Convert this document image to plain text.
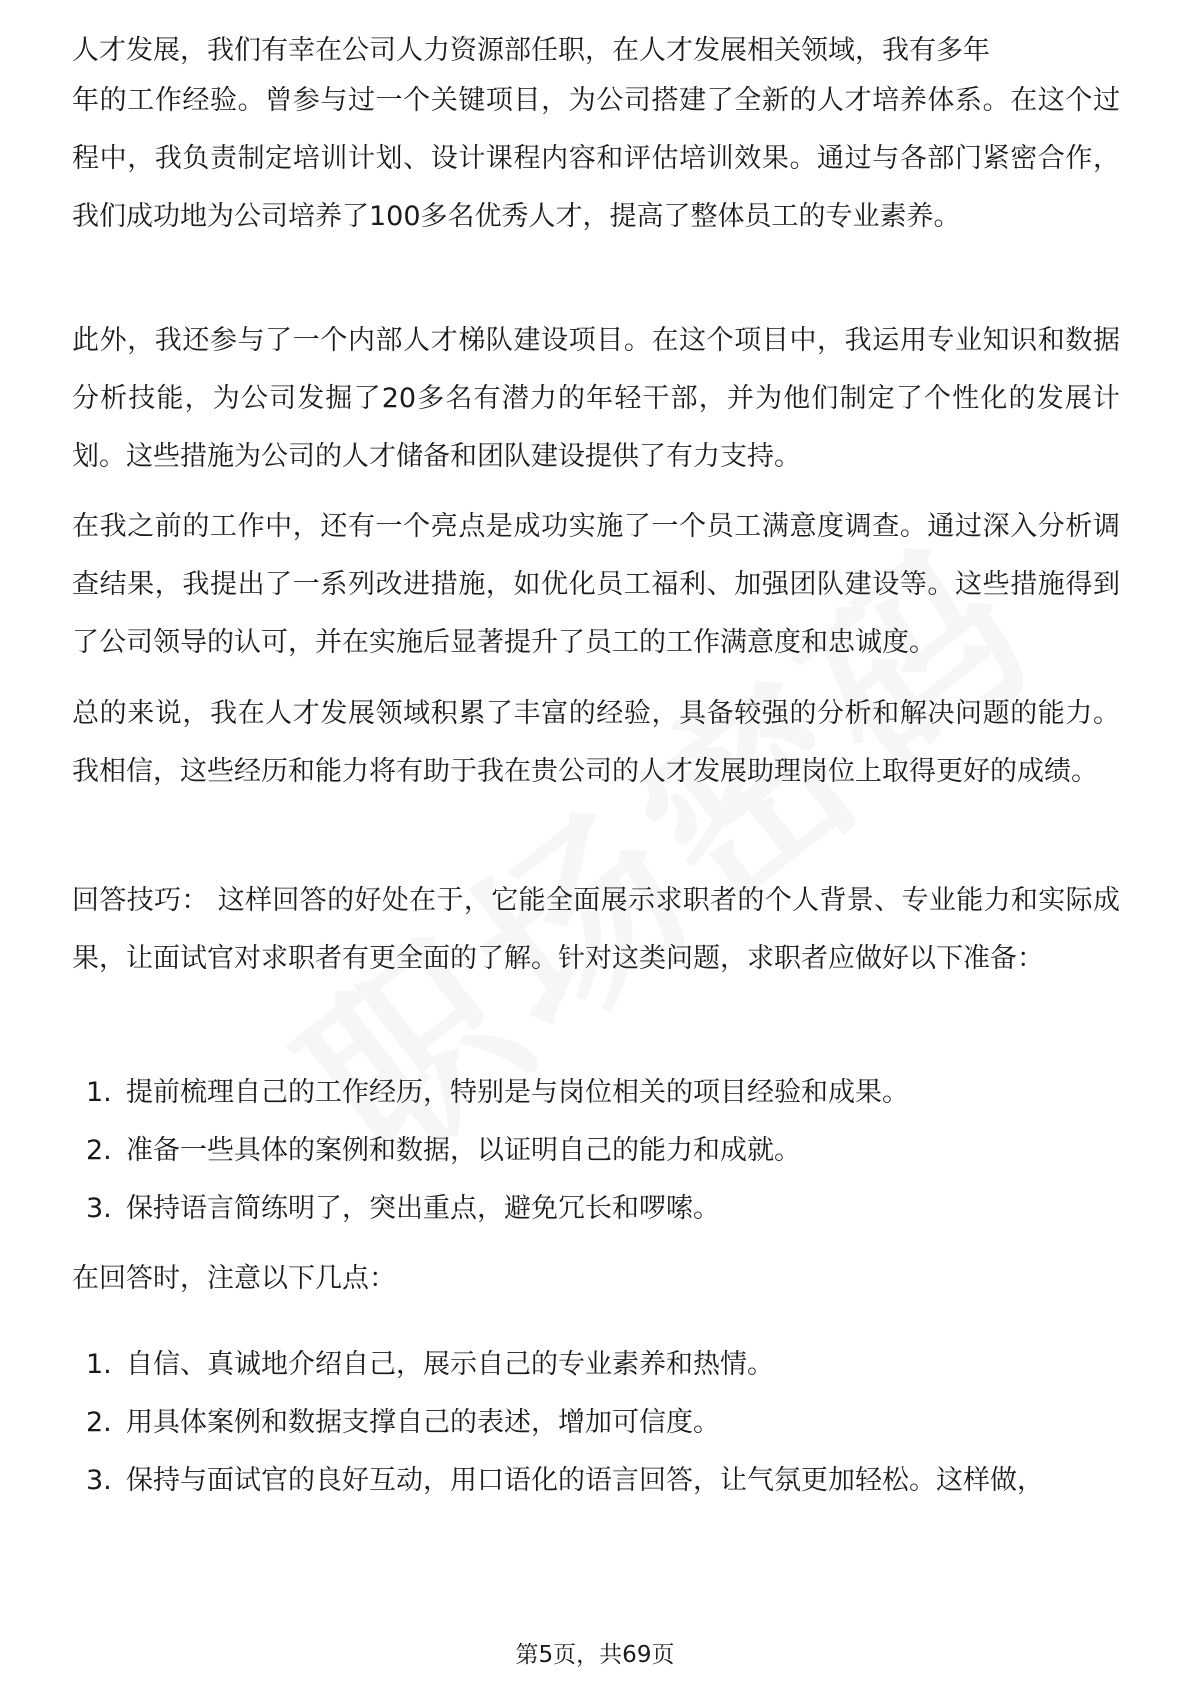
人才发展，我们有幸在公司人力资源部任职，在人才发展相关领域，我有多年

年的工作经验。曾参与过一个关键项目，为公司搭建了全新的人才培养体系。在这个过程中，我负责制定培训计划、设计课程内容和评估培训效果。通过与各部门紧密合作，我们成功地为公司培养了100多名优秀人才，提高了整体员工的专业素养。

此外，我还参与了一个内部人才梯队建设项目。在这个项目中，我运用专业知识和数据分析技能，为公司发掘了20多名有潜力的年轻干部，并为他们制定了个性化的发展计划。这些措施为公司的人才储备和团队建设提供了有力支持。

在我之前的工作中，还有一个亮点是成功实施了一个员工满意度调查。通过深入分析调查结果，我提出了一系列改进措施，如优化员工福利、加强团队建设等。这些措施得到了公司领导的认可，并在实施后显著提升了员工的工作满意度和忠诚度。

总的来说，我在人才发展领域积累了丰富的经验，具备较强的分析和解决问题的能力。我相信，这些经历和能力将有助于我在贵公司的人才发展助理岗位上取得更好的成绩。

回答技巧： 这样回答的好处在于，它能全面展示求职者的个人背景、专业能力和实际成果，让面试官对求职者有更全面的了解。针对这类问题，求职者应做好以下准备：

1. 提前梳理自己的工作经历，特别是与岗位相关的项目经验和成果。
2. 准备一些具体的案例和数据，以证明自己的能力和成就。
3. 保持语言简练明了，突出重点，避免冗长和啰嗦。

在回答时，注意以下几点：

1. 自信、真诚地介绍自己，展示自己的专业素养和热情。
2. 用具体案例和数据支撑自己的表述，增加可信度。
3. 保持与面试官的良好互动，用口语化的语言回答，让气氛更加轻松。这样做，
第5页，共69页
